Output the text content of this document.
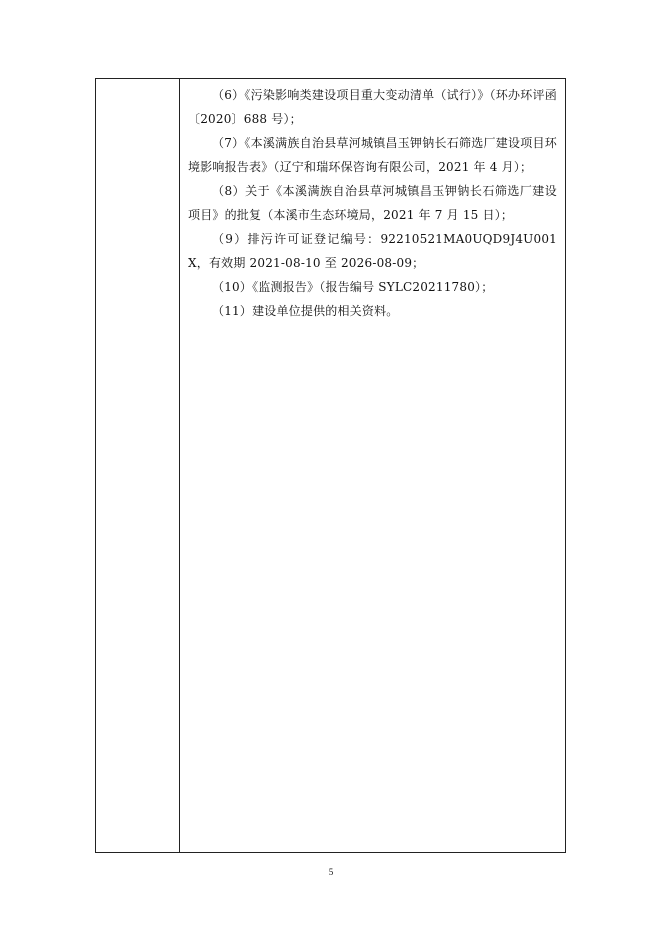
（6）《污染影响类建设项目重大变动清单（试行）》（环办环评函〔2020〕688 号）；

（7）《本溪满族自治县草河城镇昌玉钾钠长石筛选厂建设项目环境影响报告表》（辽宁和瑞环保咨询有限公司，2021 年 4 月）；

（8）关于《本溪满族自治县草河城镇昌玉钾钠长石筛选厂建设项目》的批复（本溪市生态环境局，2021 年 7 月 15 日）；

（9）排污许可证登记编号：92210521MA0UQD9J4U001X，有效期 2021-08-10 至 2026-08-09；

（10）《监测报告》（报告编号 SYLC20211780）；

（11）建设单位提供的相关资料。

5
